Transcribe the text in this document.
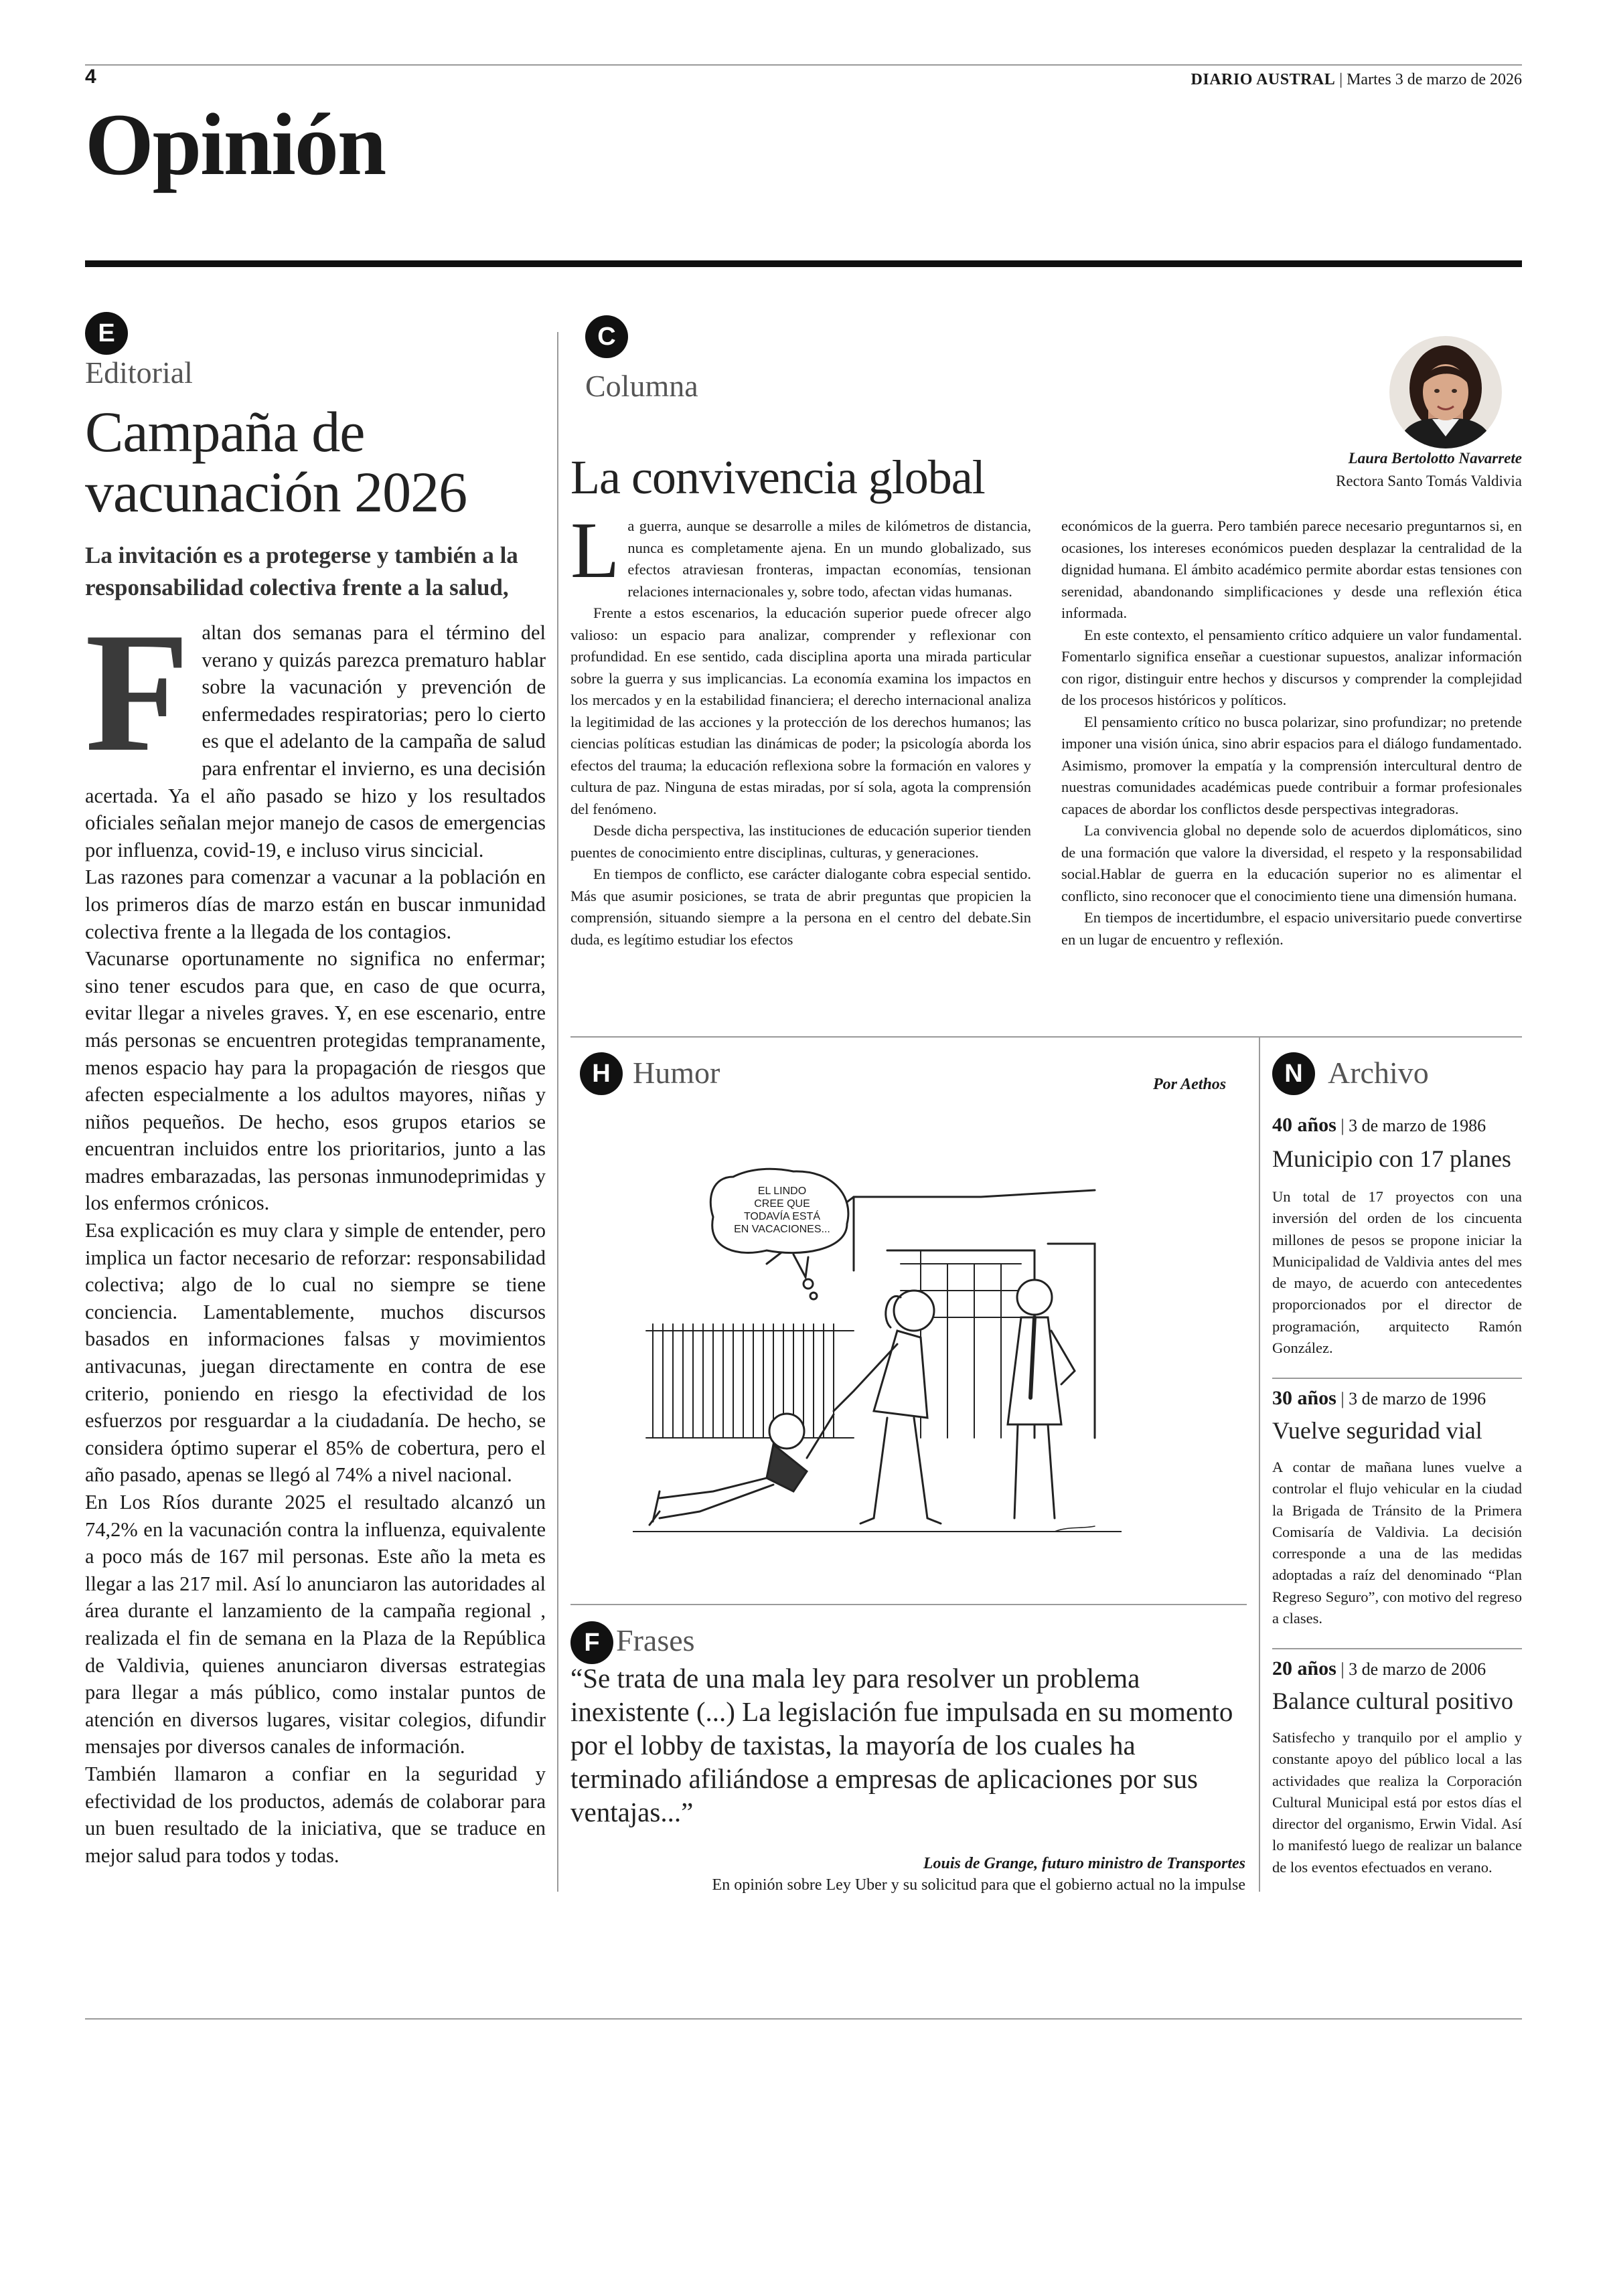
4	DIARIO AUSTRAL | Martes 3 de marzo de 2026
Opinión
E
Editorial
Campaña de vacunación 2026
La invitación es a protegerse y también a la responsabilidad colectiva frente a la salud,

Faltan dos semanas para el término del verano y quizás parezca prematuro hablar sobre la vacunación y prevención de enfermedades respiratorias; pero lo cierto es que el adelanto de la campaña de salud para enfrentar el invierno, es una decisión acertada. Ya el año pasado se hizo y los resultados oficiales señalan mejor manejo de casos de emergencias por influenza, covid-19, e incluso virus sincicial.

Las razones para comenzar a vacunar a la población en los primeros días de marzo están en buscar inmunidad colectiva frente a la llegada de los contagios.

Vacunarse oportunamente no significa no enfermar; sino tener escudos para que, en caso de que ocurra, evitar llegar a niveles graves. Y, en ese escenario, entre más personas se encuentren protegidas tempranamente, menos espacio hay para la propagación de riesgos que afecten especialmente a los adultos mayores, niñas y niños pequeños. De hecho, esos grupos etarios se encuentran incluidos entre los prioritarios, junto a las madres embarazadas, las personas inmunodeprimidas y los enfermos crónicos.

Esa explicación es muy clara y simple de entender, pero implica un factor necesario de reforzar: responsabilidad colectiva; algo de lo cual no siempre se tiene conciencia. Lamentablemente, muchos discursos basados en informaciones falsas y movimientos antivacunas, juegan directamente en contra de ese criterio, poniendo en riesgo la efectividad de los esfuerzos por resguardar a la ciudadanía. De hecho, se considera óptimo superar el 85% de cobertura, pero el año pasado, apenas se llegó al 74% a nivel nacional.

En Los Ríos durante 2025 el resultado alcanzó un 74,2% en la vacunación contra la influenza, equivalente a poco más de 167 mil personas. Este año la meta es llegar a las 217 mil. Así lo anunciaron las autoridades al área durante el lanzamiento de la campaña regional , realizada el fin de semana en la Plaza de la República de Valdivia, quienes anunciaron diversas estrategias para llegar a más público, como instalar puntos de atención en diversos lugares, visitar colegios, difundir mensajes por diversos canales de información.

También llamaron a confiar en la seguridad y efectividad de los productos, además de colaborar para un buen resultado de la iniciativa, que se traduce en mejor salud para todos y todas.

C
Columna
La convivencia global	Laura Bertolotto Navarrete
Rectora Santo Tomás Valdivia

La guerra, aunque se desarrolle a miles de kilómetros de distancia, nunca es completamente ajena. En un mundo globalizado, sus efectos atraviesan fronteras, impactan economías, tensionan relaciones internacionales y, sobre todo, afectan vidas humanas.

Frente a estos escenarios, la educación superior puede ofrecer algo valioso: un espacio para analizar, comprender y reflexionar con profundidad. En ese sentido, cada disciplina aporta una mirada particular sobre la guerra y sus implicancias. La economía examina los impactos en los mercados y en la estabilidad financiera; el derecho internacional analiza la legitimidad de las acciones y la protección de los derechos humanos; las ciencias políticas estudian las dinámicas de poder; la psicología aborda los efectos del trauma; la educación reflexiona sobre la formación en valores y cultura de paz. Ninguna de estas miradas, por sí sola, agota la comprensión del fenómeno.

Desde dicha perspectiva, las instituciones de educación superior tienden puentes de conocimiento entre disciplinas, culturas, y generaciones.

En tiempos de conflicto, ese carácter dialogante cobra especial sentido. Más que asumir posiciones, se trata de abrir preguntas que propicien la comprensión, situando siempre a la persona en el centro del debate.Sin duda, es legítimo estudiar los efectos

económicos de la guerra. Pero también parece necesario preguntarnos si, en ocasiones, los intereses económicos pueden desplazar la centralidad de la dignidad humana. El ámbito académico permite abordar estas tensiones con serenidad, abandonando simplificaciones y desde una reflexión ética informada.

En este contexto, el pensamiento crítico adquiere un valor fundamental. Fomentarlo significa enseñar a cuestionar supuestos, analizar información con rigor, distinguir entre hechos y discursos y comprender la complejidad de los procesos históricos y políticos.

El pensamiento crítico no busca polarizar, sino profundizar; no pretende imponer una visión única, sino abrir espacios para el diálogo fundamentado. Asimismo, promover la empatía y la comprensión intercultural dentro de nuestras comunidades académicas puede contribuir a formar profesionales capaces de abordar los conflictos desde perspectivas integradoras.

La convivencia global no depende solo de acuerdos diplomáticos, sino de una formación que valore la diversidad, el respeto y la responsabilidad social.Hablar de guerra en la educación superior no es alimentar el conflicto, sino reconocer que el conocimiento tiene una dimensión humana.

En tiempos de incertidumbre, el espacio universitario puede convertirse en un lugar de encuentro y reflexión.

H Humor	Por Aethos
EL LINDO
CREE QUE
TODAVÍA ESTÁ
EN VACACIONES...
F Frases
“Se trata de una mala ley para resolver un problema inexistente (...) La legislación fue impulsada en su momento por el lobby de taxistas, la mayoría de los cuales ha terminado afiliándose a empresas de aplicaciones por sus ventajas...”
Louis de Grange, futuro ministro de Transportes
En opinión sobre Ley Uber y su solicitud para que el gobierno actual no la impulse
N Archivo
40 años | 3 de marzo de 1986
Municipio con 17 planes
Un total de 17 proyectos con una inversión del orden de los cincuenta millones de pesos se propone iniciar la Municipalidad de Valdivia antes del mes de mayo, de acuerdo con antecedentes proporcionados por el director de programación, arquitecto Ramón González.
30 años | 3 de marzo de 1996
Vuelve seguridad vial
A contar de mañana lunes vuelve a controlar el flujo vehicular en la ciudad la Brigada de Tránsito de la Primera Comisaría de Valdivia. La decisión corresponde a una de las medidas adoptadas a raíz del denominado “Plan Regreso Seguro”, con motivo del regreso a clases.
20 años | 3 de marzo de 2006
Balance cultural positivo
Satisfecho y tranquilo por el amplio y constante apoyo del público local a las actividades que realiza la Corporación Cultural Municipal está por estos días el director del organismo, Erwin Vidal. Así lo manifestó luego de realizar un balance de los eventos efectuados en verano.
